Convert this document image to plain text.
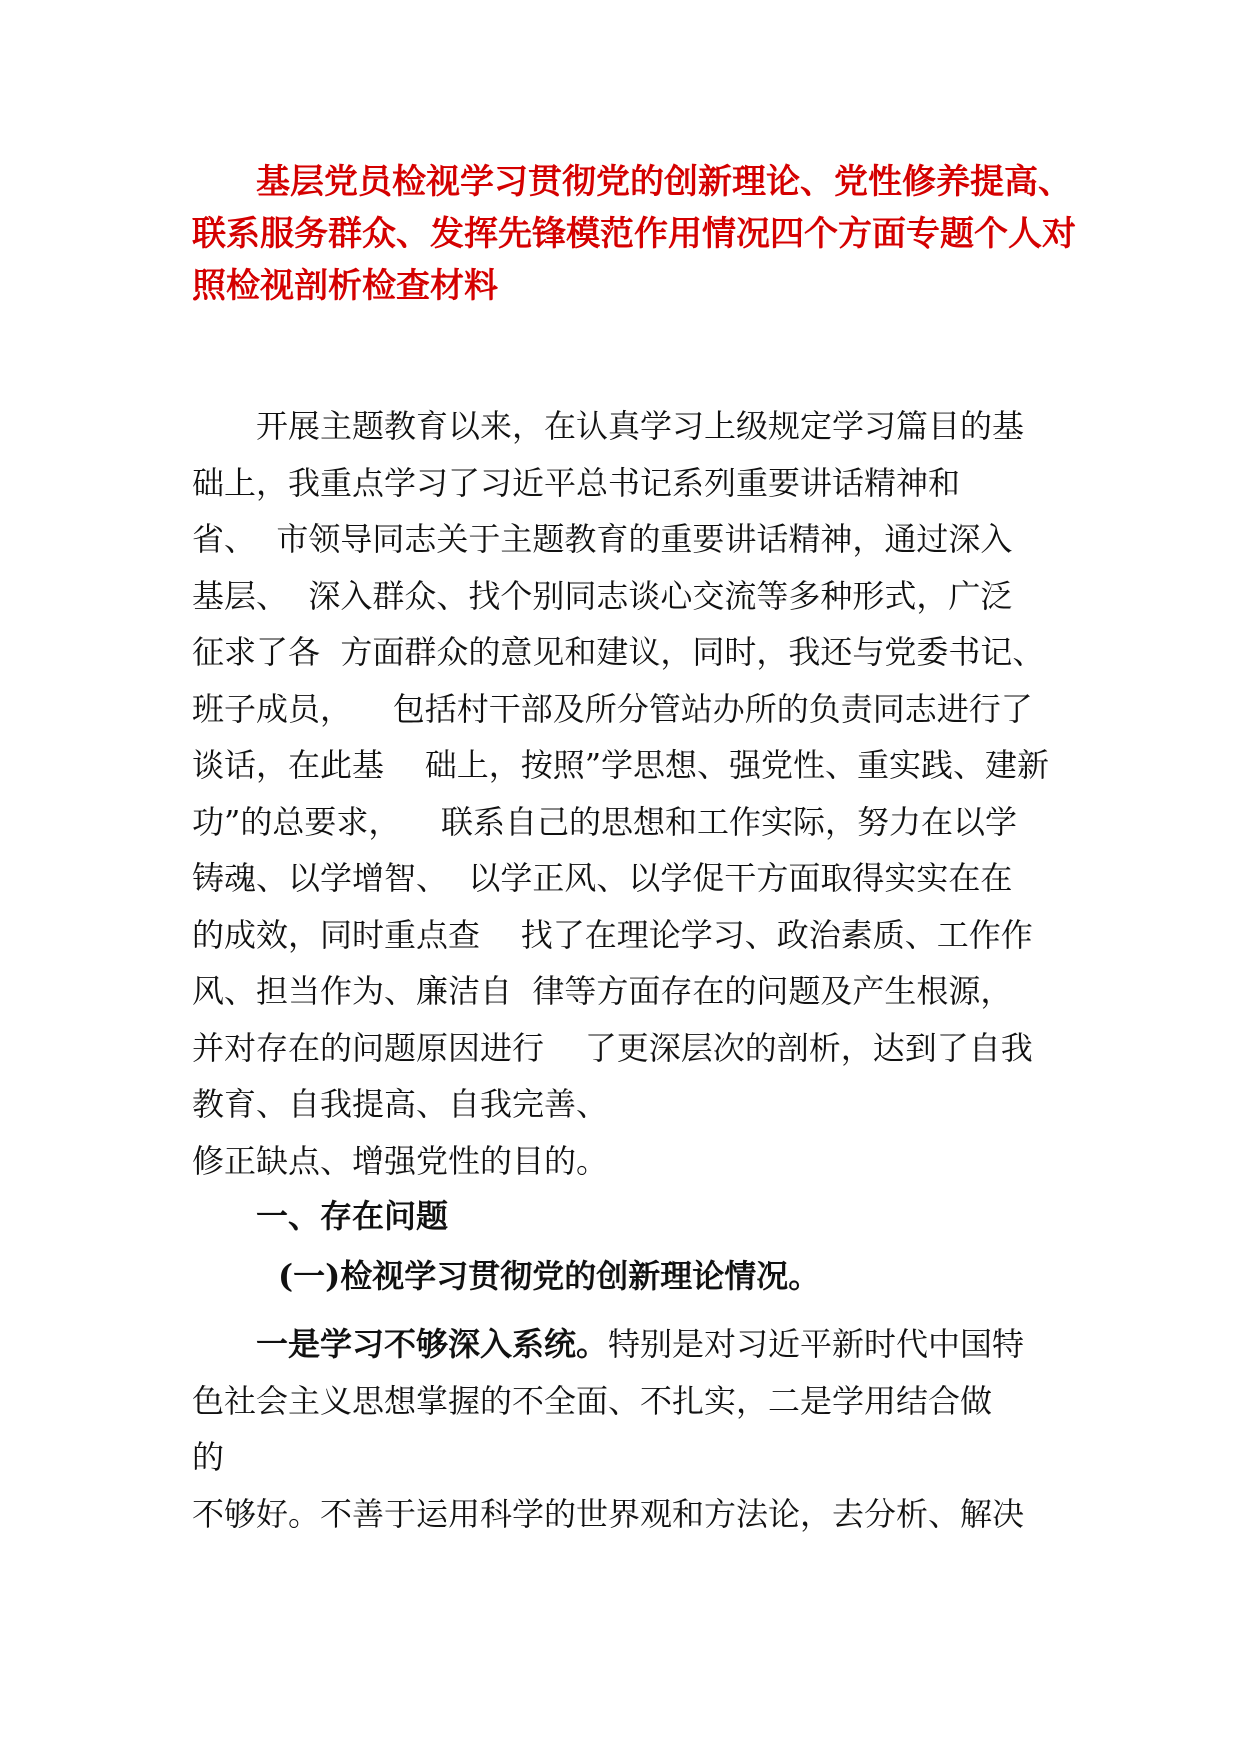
基层党员检视学习贯彻党的创新理论、党性修养提高、
联系服务群众、发挥先锋模范作用情况四个方面专题个人对
照检视剖析检查材料
开展主题教育以来，在认真学习上级规定学习篇目的基
础上，我重点学习了习近平总书记系列重要讲话精神和
省、  市领导同志关于主题教育的重要讲话精神，通过深入
基层、  深入群众、找个别同志谈心交流等多种形式，广泛
征求了各  方面群众的意见和建议，同时，我还与党委书记、
班子成员，    包括村干部及所分管站办所的负责同志进行了
谈话，在此基    础上，按照”学思想、强党性、重实践、建新
功”的总要求，    联系自己的思想和工作实际，努力在以学
铸魂、以学增智、  以学正风、以学促干方面取得实实在在
的成效，同时重点查    找了在理论学习、政治素质、工作作
风、担当作为、廉洁自  律等方面存在的问题及产生根源，
并对存在的问题原因进行    了更深层次的剖析，达到了自我
教育、自我提高、自我完善、
修正缺点、增强党性的目的。
一、存在问题
(一)检视学习贯彻党的创新理论情况。
一是学习不够深入系统。特别是对习近平新时代中国特
色社会主义思想掌握的不全面、不扎实，二是学用结合做
的
不够好。不善于运用科学的世界观和方法论，去分析、解决
